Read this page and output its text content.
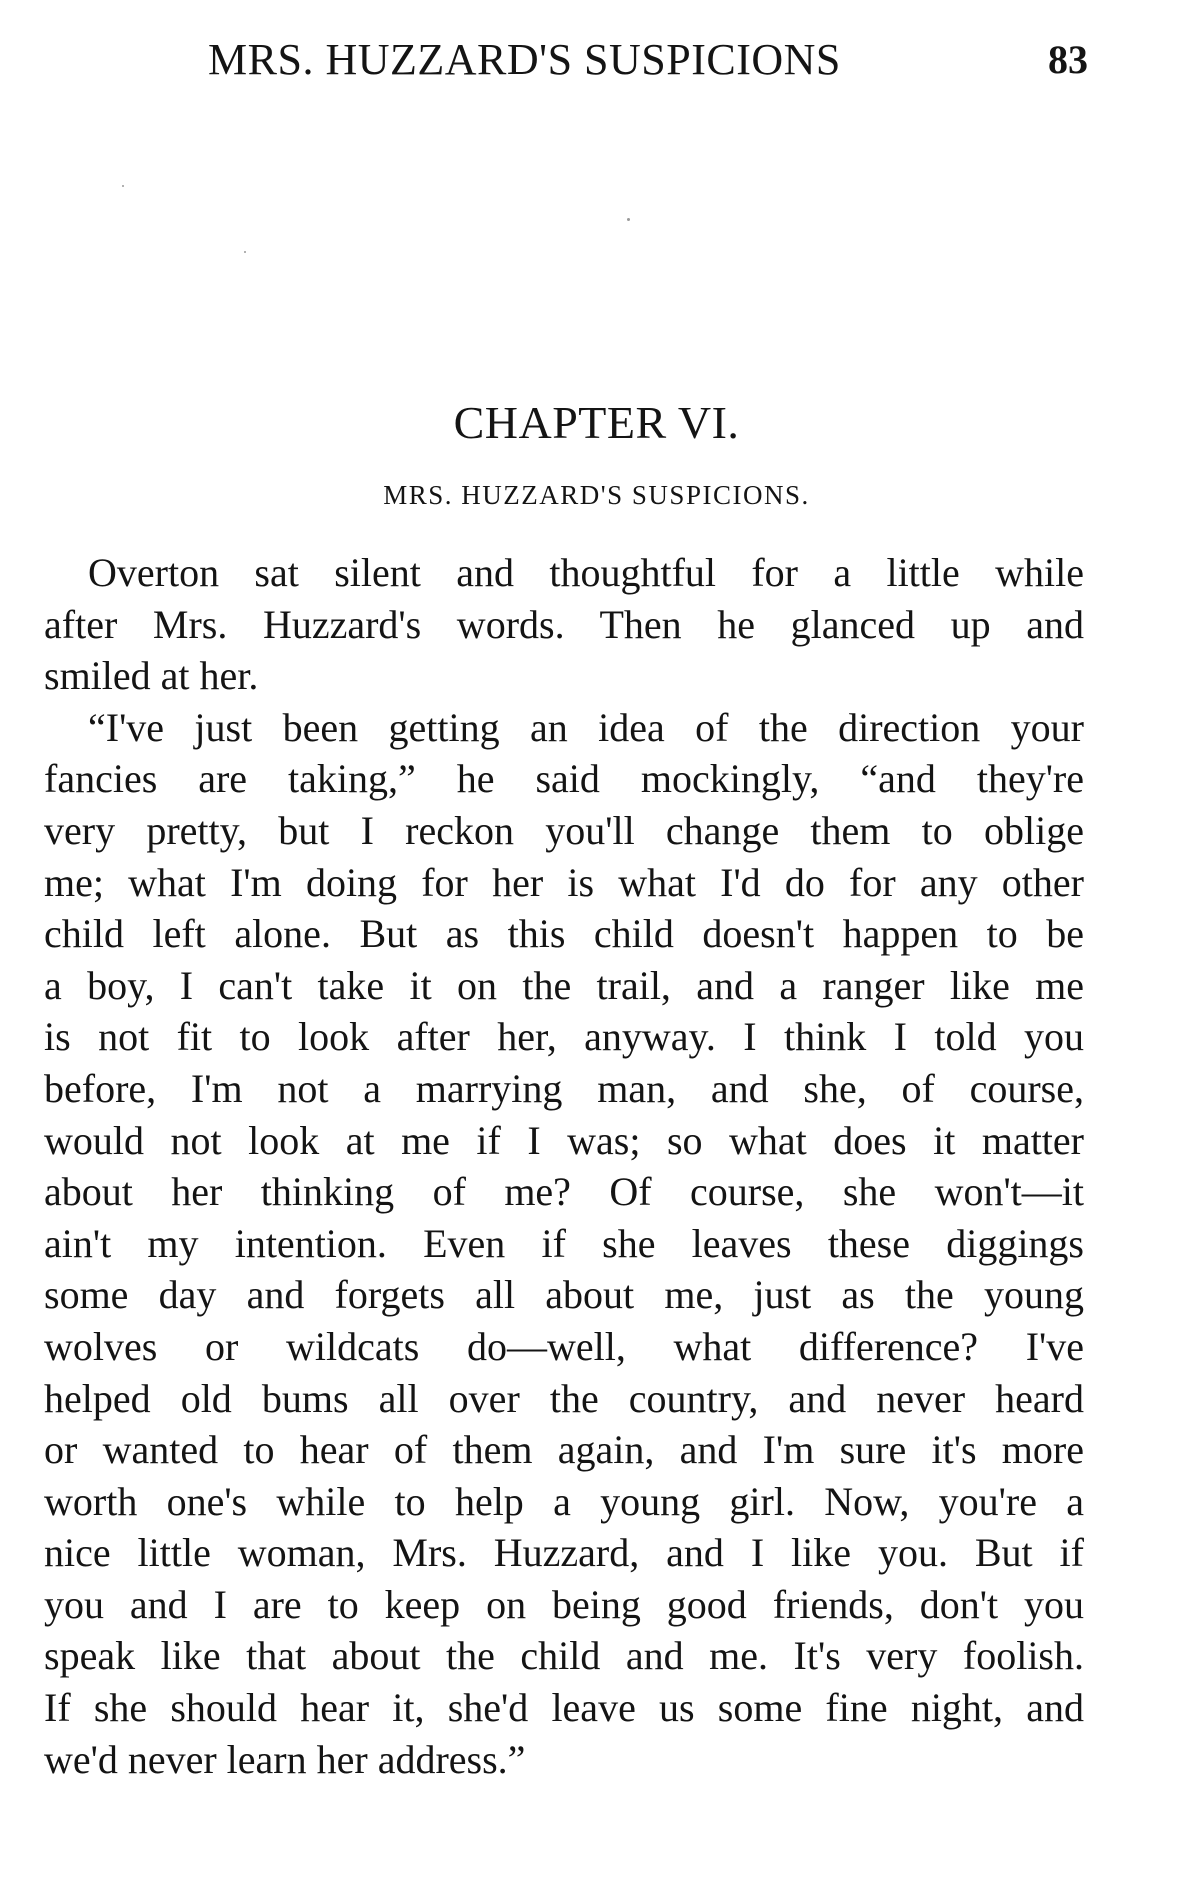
MRS. HUZZARD'S SUSPICIONS	83
CHAPTER VI.
MRS. HUZZARD'S SUSPICIONS.
Overton sat silent and thoughtful for a little while
after Mrs. Huzzard's words. Then he glanced up and
smiled at her.
“I've just been getting an idea of the direction your
fancies are taking,” he said mockingly, “and they're
very pretty, but I reckon you'll change them to oblige
me; what I'm doing for her is what I'd do for any other
child left alone. But as this child doesn't happen to be
a boy, I can't take it on the trail, and a ranger like me
is not fit to look after her, anyway. I think I told you
before, I'm not a marrying man, and she, of course,
would not look at me if I was; so what does it matter
about her thinking of me? Of course, she won't—it
ain't my intention. Even if she leaves these diggings
some day and forgets all about me, just as the young
wolves or wildcats do—well, what difference? I've
helped old bums all over the country, and never heard
or wanted to hear of them again, and I'm sure it's more
worth one's while to help a young girl. Now, you're a
nice little woman, Mrs. Huzzard, and I like you. But if
you and I are to keep on being good friends, don't you
speak like that about the child and me. It's very foolish.
If she should hear it, she'd leave us some fine night, and
we'd never learn her address.”
